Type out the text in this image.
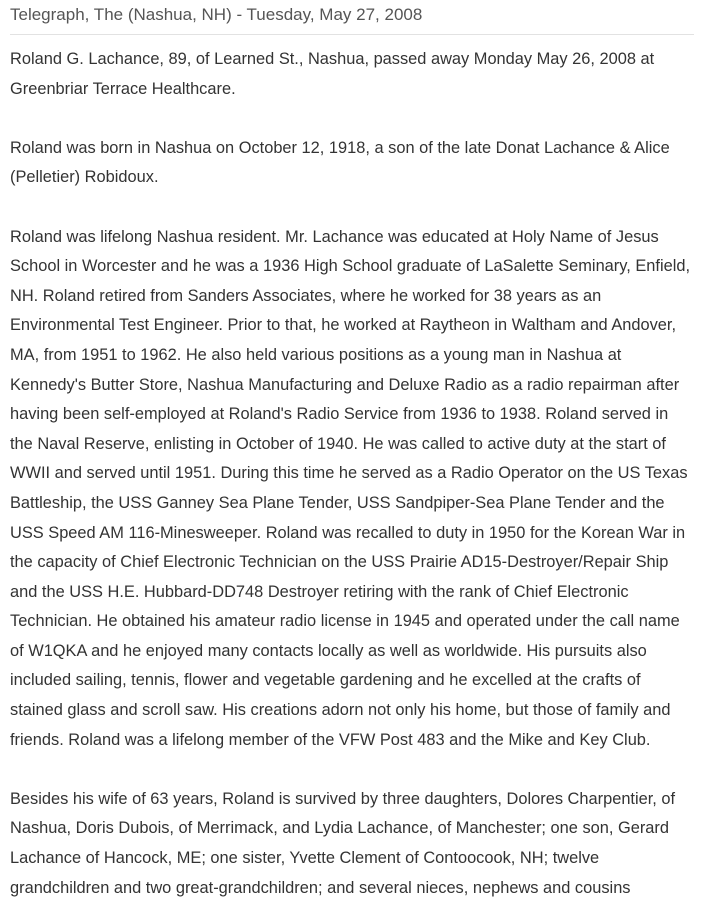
Telegraph, The (Nashua, NH) - Tuesday, May 27, 2008

Roland G. Lachance, 89, of Learned St., Nashua, passed away Monday May 26, 2008 at Greenbriar Terrace Healthcare.

Roland was born in Nashua on October 12, 1918, a son of the late Donat Lachance & Alice (Pelletier) Robidoux.

Roland was lifelong Nashua resident. Mr. Lachance was educated at Holy Name of Jesus School in Worcester and he was a 1936 High School graduate of LaSalette Seminary, Enfield, NH. Roland retired from Sanders Associates, where he worked for 38 years as an Environmental Test Engineer. Prior to that, he worked at Raytheon in Waltham and Andover, MA, from 1951 to 1962. He also held various positions as a young man in Nashua at Kennedy's Butter Store, Nashua Manufacturing and Deluxe Radio as a radio repairman after having been self-employed at Roland's Radio Service from 1936 to 1938. Roland served in the Naval Reserve, enlisting in October of 1940. He was called to active duty at the start of WWII and served until 1951. During this time he served as a Radio Operator on the US Texas Battleship, the USS Ganney Sea Plane Tender, USS Sandpiper-Sea Plane Tender and the USS Speed AM 116-Minesweeper. Roland was recalled to duty in 1950 for the Korean War in the capacity of Chief Electronic Technician on the USS Prairie AD15-Destroyer/Repair Ship and the USS H.E. Hubbard-DD748 Destroyer retiring with the rank of Chief Electronic Technician. He obtained his amateur radio license in 1945 and operated under the call name of W1QKA and he enjoyed many contacts locally as well as worldwide. His pursuits also included sailing, tennis, flower and vegetable gardening and he excelled at the crafts of stained glass and scroll saw. His creations adorn not only his home, but those of family and friends. Roland was a lifelong member of the VFW Post 483 and the Mike and Key Club.

Besides his wife of 63 years, Roland is survived by three daughters, Dolores Charpentier, of Nashua, Doris Dubois, of Merrimack, and Lydia Lachance, of Manchester; one son, Gerard Lachance of Hancock, ME; one sister, Yvette Clement of Contoocook, NH; twelve grandchildren and two great-grandchildren; and several nieces, nephews and cousins
